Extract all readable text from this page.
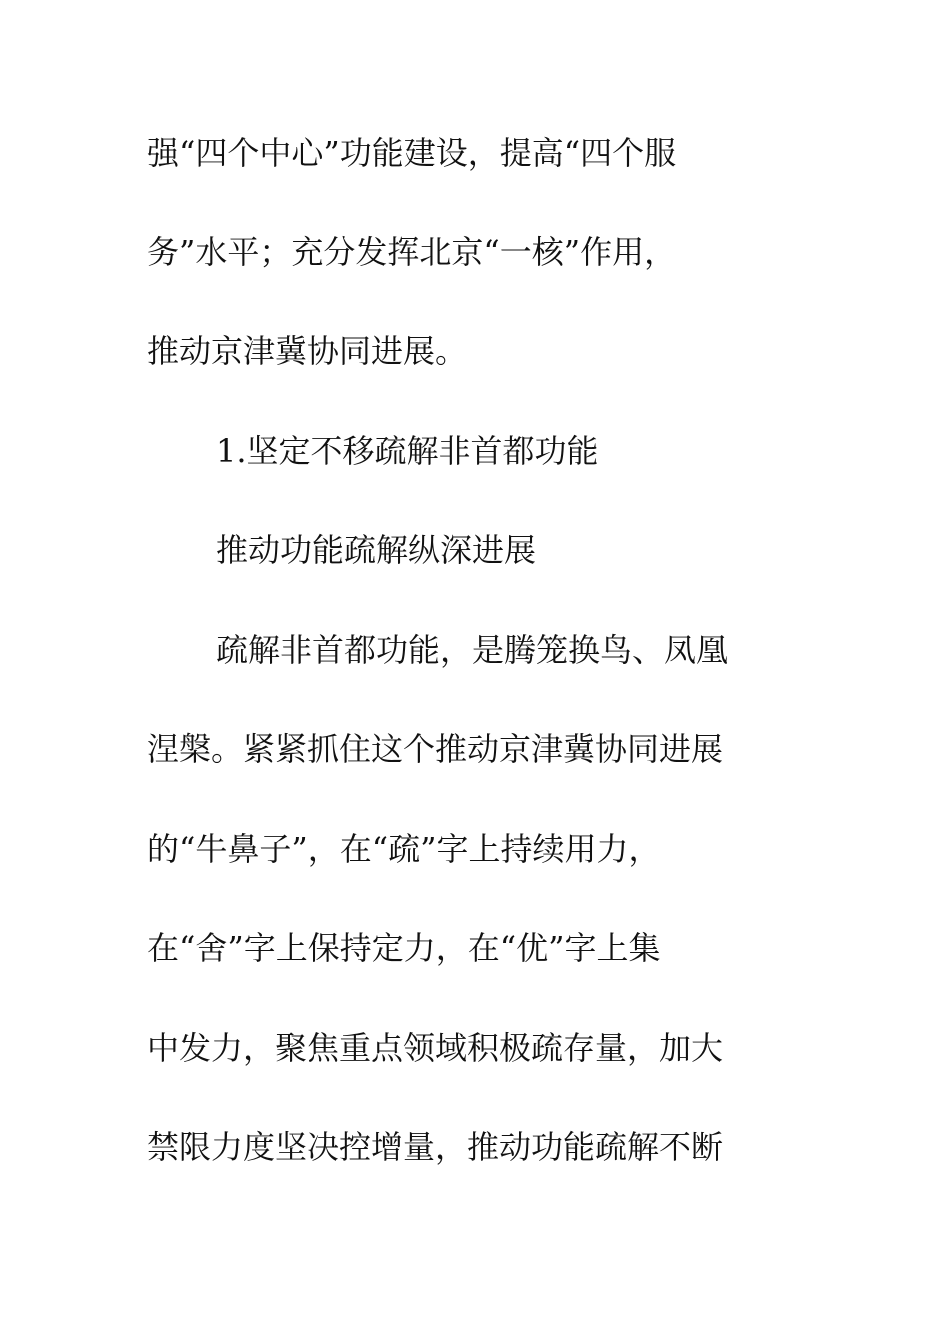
强“四个中心”功能建设，提高“四个服
务”水平；充分发挥北京“一核”作用，
推动京津冀协同进展。
1.坚定不移疏解非首都功能
推动功能疏解纵深进展
疏解非首都功能，是腾笼换鸟、凤凰
涅槃。紧紧抓住这个推动京津冀协同进展
的“牛鼻子”，在“疏”字上持续用力，
在“舍”字上保持定力，在“优”字上集
中发力，聚焦重点领域积极疏存量，加大
禁限力度坚决控增量，推动功能疏解不断
